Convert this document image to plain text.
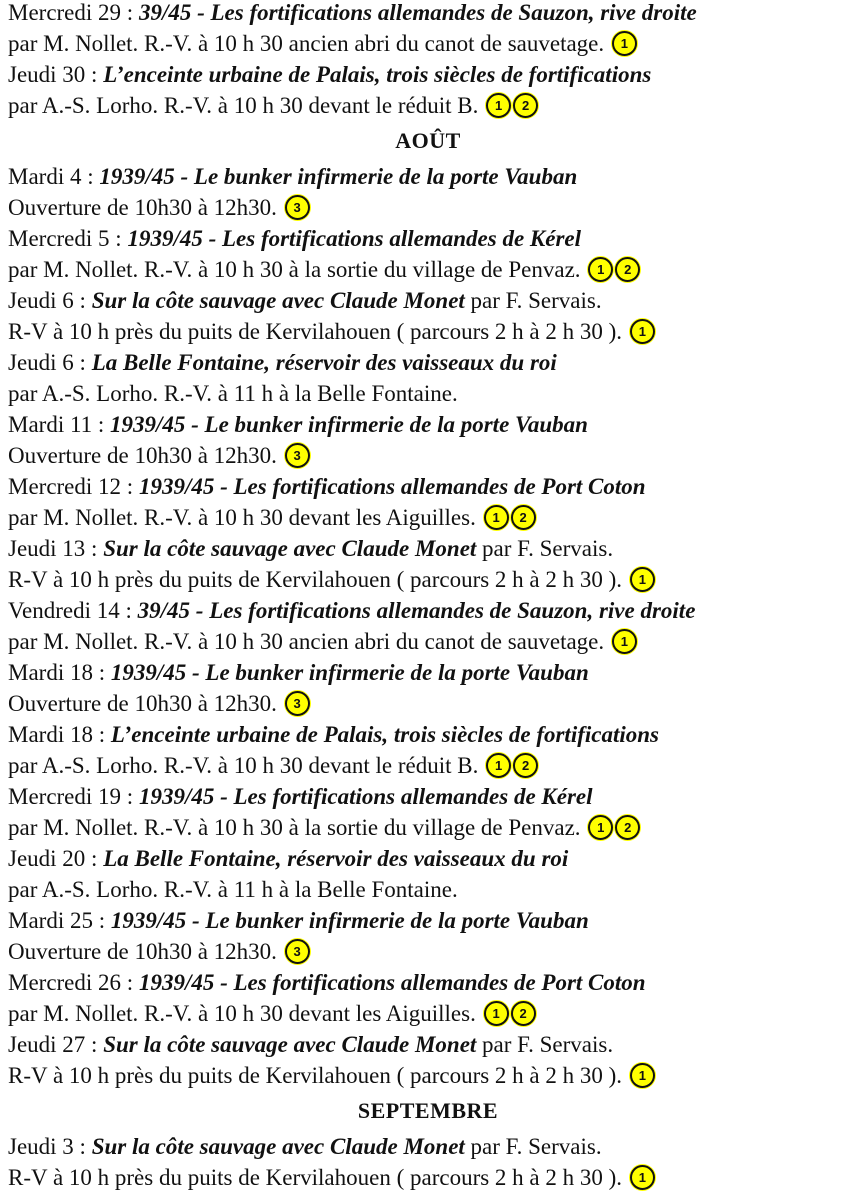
Mercredi 29 : 39/45 - Les fortifications allemandes de Sauzon, rive droite
par M. Nollet. R.-V. à 10 h 30 ancien abri du canot de sauvetage. 1
Jeudi 30 : L’enceinte urbaine de Palais, trois siècles de fortifications
par A.-S. Lorho. R.-V. à 10 h 30 devant le réduit B. 1 2
AOÛT
Mardi 4 : 1939/45 - Le bunker infirmerie de la porte Vauban
Ouverture de 10h30 à 12h30. 3
Mercredi 5 : 1939/45 - Les fortifications allemandes de Kérel
par M. Nollet. R.-V. à 10 h 30 à la sortie du village de Penvaz. 1 2
Jeudi 6 : Sur la côte sauvage avec Claude Monet par F. Servais.
R-V à 10 h près du puits de Kervilahouen ( parcours 2 h à 2 h 30 ). 1
Jeudi 6 : La Belle Fontaine, réservoir des vaisseaux du roi
par A.-S. Lorho. R.-V. à 11 h à la Belle Fontaine.
Mardi 11 : 1939/45 - Le bunker infirmerie de la porte Vauban
Ouverture de 10h30 à 12h30. 3
Mercredi 12 : 1939/45 - Les fortifications allemandes de Port Coton
par M. Nollet. R.-V. à 10 h 30 devant les Aiguilles. 1 2
Jeudi 13 : Sur la côte sauvage avec Claude Monet par F. Servais.
R-V à 10 h près du puits de Kervilahouen ( parcours 2 h à 2 h 30 ). 1
Vendredi 14 : 39/45 - Les fortifications allemandes de Sauzon, rive droite
par M. Nollet. R.-V. à 10 h 30 ancien abri du canot de sauvetage. 1
Mardi 18 : 1939/45 - Le bunker infirmerie de la porte Vauban
Ouverture de 10h30 à 12h30. 3
Mardi 18 : L’enceinte urbaine de Palais, trois siècles de fortifications
par A.-S. Lorho. R.-V. à 10 h 30 devant le réduit B. 1 2
Mercredi 19 : 1939/45 - Les fortifications allemandes de Kérel
par M. Nollet. R.-V. à 10 h 30 à la sortie du village de Penvaz. 1 2
Jeudi 20 : La Belle Fontaine, réservoir des vaisseaux du roi
par A.-S. Lorho. R.-V. à 11 h à la Belle Fontaine.
Mardi 25 : 1939/45 - Le bunker infirmerie de la porte Vauban
Ouverture de 10h30 à 12h30. 3
Mercredi 26 : 1939/45 - Les fortifications allemandes de Port Coton
par M. Nollet. R.-V. à 10 h 30 devant les Aiguilles. 1 2
Jeudi 27 : Sur la côte sauvage avec Claude Monet par F. Servais.
R-V à 10 h près du puits de Kervilahouen ( parcours 2 h à 2 h 30 ). 1
SEPTEMBRE
Jeudi 3 : Sur la côte sauvage avec Claude Monet par F. Servais.
R-V à 10 h près du puits de Kervilahouen ( parcours 2 h à 2 h 30 ). 1
